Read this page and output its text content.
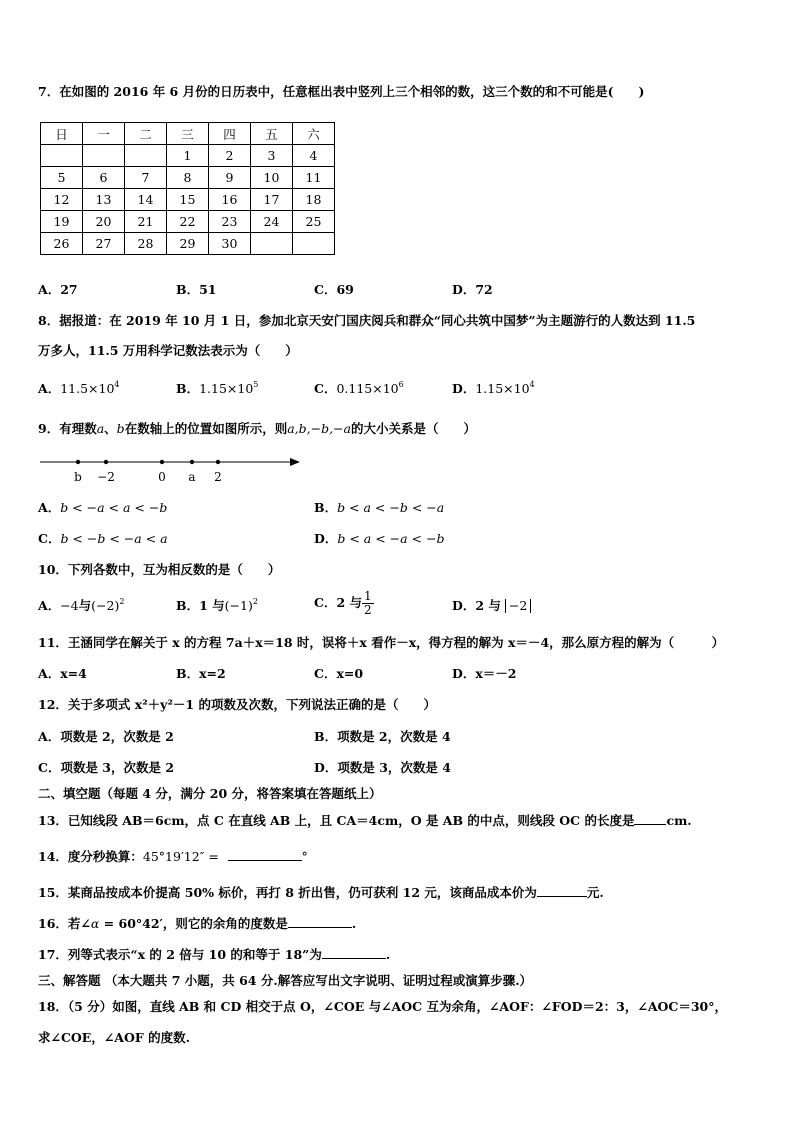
7．在如图的 2016 年 6 月份的日历表中，任意框出表中竖列上三个相邻的数，这三个数的和不可能是(　　)
日	一	二	三	四	五	六
			1	2	3	4
5	6	7	8	9	10	11
12	13	14	15	16	17	18
19	20	21	22	23	24	25
26	27	28	29	30		
A．27	B．51	C．69	D．72
8．据报道：在 2019 年 10 月 1 日，参加北京天安门国庆阅兵和群众“同心共筑中国梦”为主题游行的人数达到 11.5
万多人，11.5 万用科学记数法表示为（　　）
A．$11.5\times 10^4$	B．$1.15\times 10^5$	C．$0.115\times 10^6$	D．$1.15\times 10^4$
9．有理数a、b在数轴上的位置如图所示，则a,b,−b,−a的大小关系是（　　）
b −2	0 a 2
A．b < −a < a < −b	B．b < a < −b < −a
C．b < −b < −a < a	D．b < a < −a < −b
10．下列各数中，互为相反数的是（　　）
A．−4与$(-2)^2$	B．1 与$(-1)^2$	C．2 与 $\frac{1}{2}$	D．2 与 −2
11．王涵同学在解关于 x 的方程 7a＋x＝18 时，误将＋x 看作－x，得方程的解为 x＝－4，那么原方程的解为（　　　）
A．x=4	B．x=2	C．x=0	D．x＝－2
12．关于多项式 x²＋y²－1 的项数及次数，下列说法正确的是（　　）
A．项数是 2，次数是 2	B．项数是 2，次数是 4
C．项数是 3，次数是 2	D．项数是 3，次数是 4
二、填空题（每题 4 分，满分 20 分，将答案填在答题纸上）
13．已知线段 AB＝6cm，点 C 在直线 AB 上，且 CA＝4cm，O 是 AB 的中点，则线段 OC 的长度是	cm.
14．度分秒换算：45°19′12″ =	°
15．某商品按成本价提高 50% 标价，再打 8 折出售，仍可获利 12 元，该商品成本价为	元.
16．若∠α = 60°42′，则它的余角的度数是	.
17．列等式表示“x 的 2 倍与 10 的和等于 18”为	.
三、解答题 （本大题共 7 小题，共 64 分.解答应写出文字说明、证明过程或演算步骤.）
18．（5 分）如图，直线 AB 和 CD 相交于点 O，∠COE 与∠AOC 互为余角，∠AOF：∠FOD＝2：3，∠AOC＝30°，
求∠COE，∠AOF 的度数.
